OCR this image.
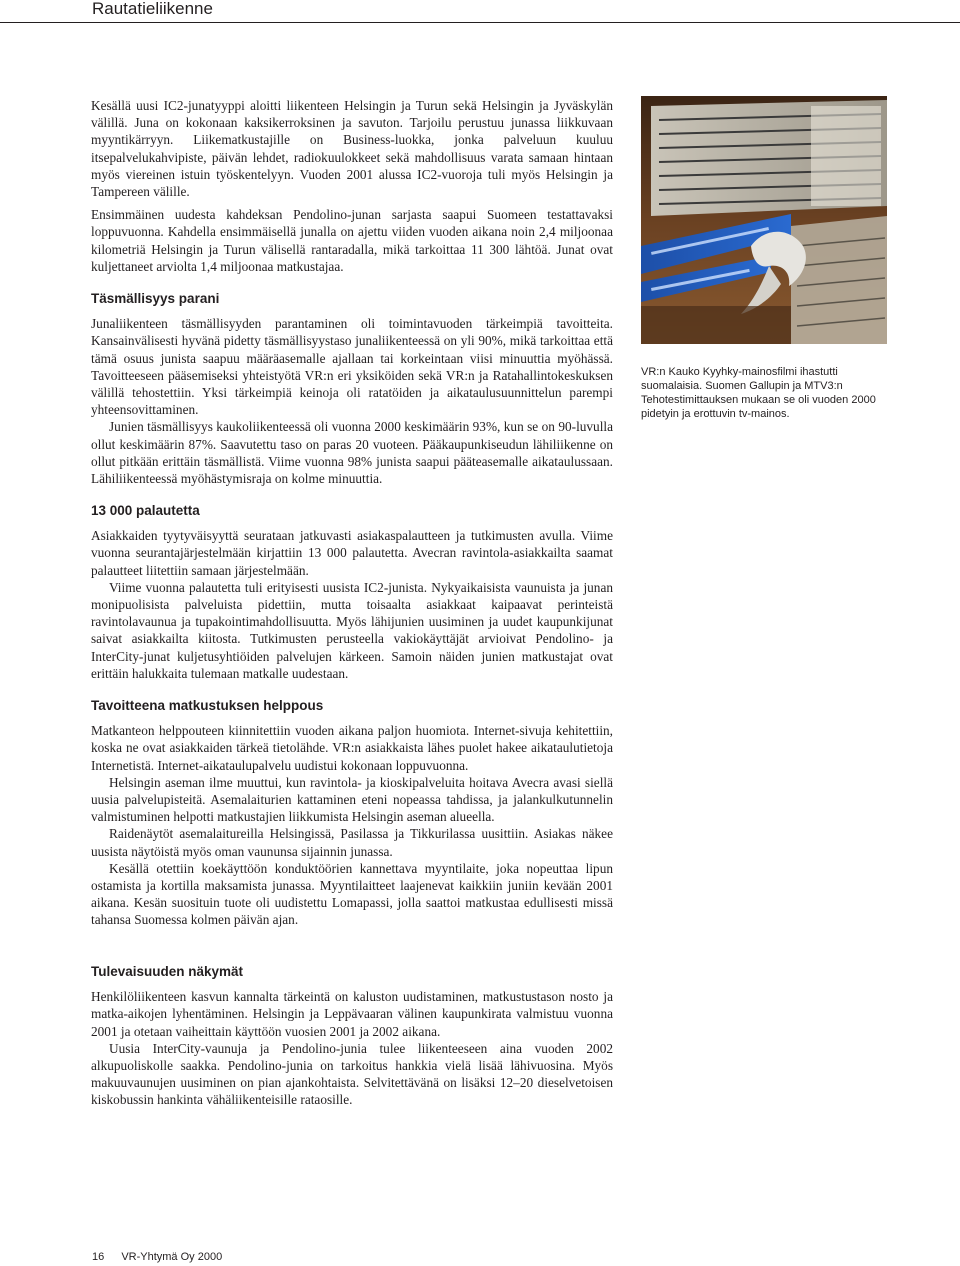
Rautatieliikenne

Kesällä uusi IC2-junatyyppi aloitti liikenteen Helsingin ja Turun sekä Helsingin ja Jyväskylän välillä. Juna on kokonaan kaksikerroksinen ja savuton. Tarjoilu perustuu junassa liikkuvaan myyntikärryyn. Liikematkustajille on Business-luokka, jonka palveluun kuuluu itsepalvelukahvipiste, päivän lehdet, radiokuulokkeet sekä mahdollisuus varata samaan hintaan myös viereinen istuin työskentelyyn. Vuoden 2001 alussa IC2-vuoroja tuli myös Helsingin ja Tampereen välille.

Ensimmäinen uudesta kahdeksan Pendolino-junan sarjasta saapui Suomeen testattavaksi loppuvuonna. Kahdella ensimmäisellä junalla on ajettu viiden vuoden aikana noin 2,4 miljoonaa kilometriä Helsingin ja Turun välisellä rantaradalla, mikä tarkoittaa 11 300 lähtöä. Junat ovat kuljettaneet arviolta 1,4 miljoonaa matkustajaa.

Täsmällisyys parani

Junaliikenteen täsmällisyyden parantaminen oli toimintavuoden tärkeimpiä tavoitteita. Kansainvälisesti hyvänä pidetty täsmällisyystaso junaliikenteessä on yli 90%, mikä tarkoittaa että tämä osuus junista saapuu määräasemalle ajallaan tai korkeintaan viisi minuuttia myöhässä. Tavoitteeseen pääsemiseksi yhteistyötä VR:n eri yksiköiden sekä VR:n ja Ratahallintokeskuksen välillä tehostettiin. Yksi tärkeimpiä keinoja oli ratatöiden ja aikataulusuunnittelun parempi yhteensovittaminen.

Junien täsmällisyys kaukoliikenteessä oli vuonna 2000 keskimäärin 93%, kun se on 90-luvulla ollut keskimäärin 87%. Saavutettu taso on paras 20 vuoteen. Pääkaupunkiseudun lähiliikenne on ollut pitkään erittäin täsmällistä. Viime vuonna 98% junista saapui pääteasemalle aikataulussaan. Lähiliikenteessä myöhästymisraja on kolme minuuttia.

13 000 palautetta

Asiakkaiden tyytyväisyyttä seurataan jatkuvasti asiakaspalautteen ja tutkimusten avulla. Viime vuonna seurantajärjestelmään kirjattiin 13 000 palautetta. Avecran ravintola-asiakkailta saamat palautteet liitettiin samaan järjestelmään.

Viime vuonna palautetta tuli erityisesti uusista IC2-junista. Nykyaikaisista vaunuista ja junan monipuolisista palveluista pidettiin, mutta toisaalta asiakkaat kaipaavat perinteistä ravintolavaunua ja tupakointimahdollisuutta. Myös lähijunien uusiminen ja uudet kaupunkijunat saivat asiakkailta kiitosta. Tutkimusten perusteella vakiokäyttäjät arvioivat Pendolino- ja InterCity-junat kuljetusyhtiöiden palvelujen kärkeen. Samoin näiden junien matkustajat ovat erittäin halukkaita tulemaan matkalle uudestaan.

Tavoitteena matkustuksen helppous

Matkanteon helppouteen kiinnitettiin vuoden aikana paljon huomiota. Internet-sivuja kehitettiin, koska ne ovat asiakkaiden tärkeä tietolähde. VR:n asiakkaista lähes puolet hakee aikataulutietoja Internetistä. Internet-aikataulupalvelu uudistui kokonaan loppuvuonna.

Helsingin aseman ilme muuttui, kun ravintola- ja kioskipalveluita hoitava Avecra avasi siellä uusia palvelupisteitä. Asemalaiturien kattaminen eteni nopeassa tahdissa, ja jalankulkutunnelin valmistuminen helpotti matkustajien liikkumista Helsingin aseman alueella.

Raidenäytöt asemalaitureilla Helsingissä, Pasilassa ja Tikkurilassa uusittiin. Asiakas näkee uusista näytöistä myös oman vaununsa sijainnin junassa.

Kesällä otettiin koekäyttöön konduktöörien kannettava myyntilaite, joka nopeuttaa lipun ostamista ja kortilla maksamista junassa. Myyntilaitteet laajenevat kaikkiin juniin kevään 2001 aikana. Kesän suosituin tuote oli uudistettu Lomapassi, jolla saattoi matkustaa edullisesti missä tahansa Suomessa kolmen päivän ajan.

Tulevaisuuden näkymät

Henkilöliikenteen kasvun kannalta tärkeintä on kaluston uudistaminen, matkustustason nosto ja matka-aikojen lyhentäminen. Helsingin ja Leppävaaran välinen kaupunkirata valmistuu vuonna 2001 ja otetaan vaiheittain käyttöön vuosien 2001 ja 2002 aikana.

Uusia InterCity-vaunuja ja Pendolino-junia tulee liikenteeseen aina vuoden 2002 alkupuoliskolle saakka. Pendolino-junia on tarkoitus hankkia vielä lisää lähivuosina. Myös makuuvaunujen uusiminen on pian ajankohtaista. Selvitettävänä on lisäksi 12–20 dieselvetoisen kiskobussin hankinta vähäliikenteisille rataosille.

VR:n Kauko Kyyhky-mainosfilmi ihastutti suomalaisia. Suomen Gallupin ja MTV3:n Tehotestimittauksen mukaan se oli vuoden 2000 pidetyin ja erottuvin tv-mainos.
16 VR-Yhtymä Oy 2000
